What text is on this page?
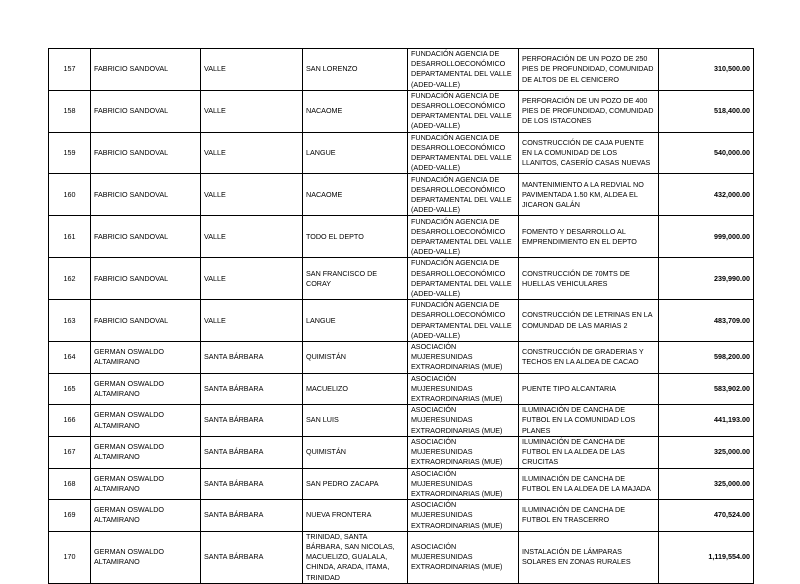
157	FABRICIO SANDOVAL	VALLE	SAN LORENZO	FUNDACIÓN AGENCIA DE DESARROLLOECONÓMICO DEPARTAMENTAL DEL VALLE (ADED-VALLE)	PERFORACIÓN DE UN POZO DE 250 PIES DE PROFUNDIDAD, COMUNIDAD DE ALTOS DE EL CENICERO	310,500.00
158	FABRICIO SANDOVAL	VALLE	NACAOME	FUNDACIÓN AGENCIA DE DESARROLLOECONÓMICO DEPARTAMENTAL DEL VALLE (ADED-VALLE)	PERFORACIÓN DE UN POZO DE 400 PIES DE PROFUNDIDAD, COMUNIDAD DE LOS ISTACONES	518,400.00
159	FABRICIO SANDOVAL	VALLE	LANGUE	FUNDACIÓN AGENCIA DE DESARROLLOECONÓMICO DEPARTAMENTAL DEL VALLE (ADED-VALLE)	CONSTRUCCIÓN DE CAJA PUENTE EN LA COMUNIDAD DE LOS LLANITOS, CASERÍO CASAS NUEVAS	540,000.00
160	FABRICIO SANDOVAL	VALLE	NACAOME	FUNDACIÓN AGENCIA DE DESARROLLOECONÓMICO DEPARTAMENTAL DEL VALLE (ADED-VALLE)	MANTENIMIENTO A LA REDVIAL NO PAVIMENTADA 1.50 KM, ALDEA EL JICARON GALÁN	432,000.00
161	FABRICIO SANDOVAL	VALLE	TODO EL DEPTO	FUNDACIÓN AGENCIA DE DESARROLLOECONÓMICO DEPARTAMENTAL DEL VALLE (ADED-VALLE)	FOMENTO Y DESARROLLO AL EMPRENDIMIENTO EN EL DEPTO	999,000.00
162	FABRICIO SANDOVAL	VALLE	SAN FRANCISCO DE CORAY	FUNDACIÓN AGENCIA DE DESARROLLOECONÓMICO DEPARTAMENTAL DEL VALLE (ADED-VALLE)	CONSTRUCCIÓN DE 70MTS DE HUELLAS VEHICULARES	239,990.00
163	FABRICIO SANDOVAL	VALLE	LANGUE	FUNDACIÓN AGENCIA DE DESARROLLOECONÓMICO DEPARTAMENTAL DEL VALLE (ADED-VALLE)	CONSTRUCCIÓN DE LETRINAS EN LA COMUNDAD DE LAS MARIAS 2	483,709.00
164	GERMAN OSWALDO ALTAMIRANO	SANTA BÁRBARA	QUIMISTÁN	ASOCIACIÓN MUJERESUNIDAS EXTRAORDINARIAS (MUE)	CONSTRUCCIÓN DE GRADERIAS Y TECHOS EN LA ALDEA DE CACAO	598,200.00
165	GERMAN OSWALDO ALTAMIRANO	SANTA BÁRBARA	MACUELIZO	ASOCIACIÓN MUJERESUNIDAS EXTRAORDINARIAS (MUE)	PUENTE TIPO ALCANTARIA	583,902.00
166	GERMAN OSWALDO ALTAMIRANO	SANTA BÁRBARA	SAN LUIS	ASOCIACIÓN MUJERESUNIDAS EXTRAORDINARIAS (MUE)	ILUMINACIÓN DE CANCHA DE FUTBOL EN LA COMUNIDAD LOS PLANES	441,193.00
167	GERMAN OSWALDO ALTAMIRANO	SANTA BÁRBARA	QUIMISTÁN	ASOCIACIÓN MUJERESUNIDAS EXTRAORDINARIAS (MUE)	ILUMINACIÓN DE CANCHA DE FUTBOL EN LA ALDEA DE LAS CRUCITAS	325,000.00
168	GERMAN OSWALDO ALTAMIRANO	SANTA BÁRBARA	SAN PEDRO ZACAPA	ASOCIACIÓN MUJERESUNIDAS EXTRAORDINARIAS (MUE)	ILUMINACIÓN DE CANCHA DE FUTBOL EN LA ALDEA DE LA MAJADA	325,000.00
169	GERMAN OSWALDO ALTAMIRANO	SANTA BÁRBARA	NUEVA FRONTERA	ASOCIACIÓN MUJERESUNIDAS EXTRAORDINARIAS (MUE)	ILUMINACIÓN DE CANCHA DE FUTBOL EN TRASCERRO	470,524.00
170	GERMAN OSWALDO ALTAMIRANO	SANTA BÁRBARA	TRINIDAD, SANTA BÁRBARA, SAN NICOLAS, MACUELIZO, GUALALA, CHINDA, ARADA, ITAMA, TRINIDAD	ASOCIACIÓN MUJERESUNIDAS EXTRAORDINARIAS (MUE)	INSTALACIÓN DE LÁMPARAS SOLARES EN ZONAS RURALES	1,119,554.00
